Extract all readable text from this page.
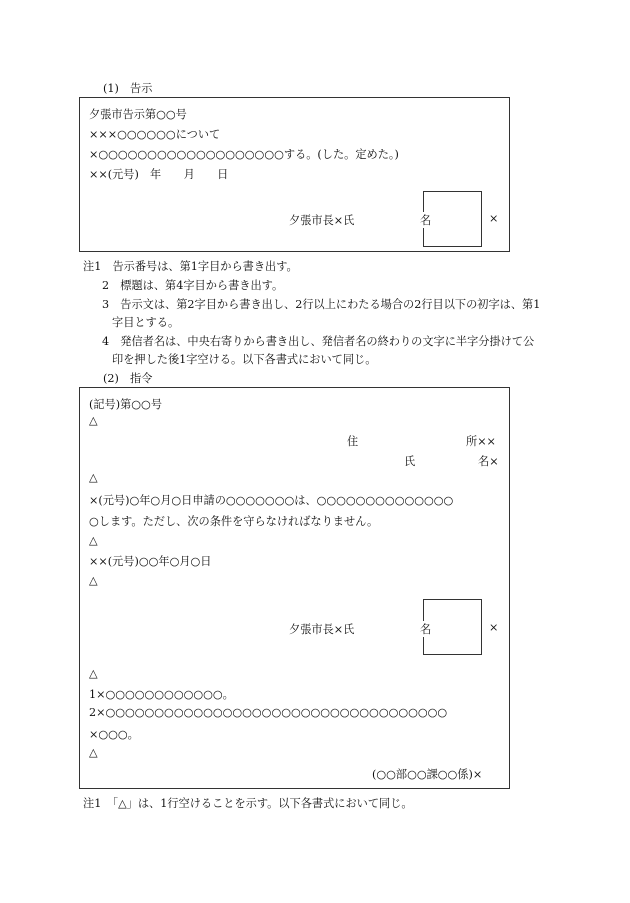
(1)　告示
夕張市告示第○○号
×××○○○○○○について
×○○○○○○○○○○○○○○○○○○○する。(した。定めた。)
××(元号)　年　　月　　日
夕張市長×氏	名	×
注1　告示番号は、第1字目から書き出す。
2　標題は、第4字目から書き出す。
3　告示文は、第2字目から書き出し、2行以上にわたる場合の2行目以下の初字は、第1
字目とする。
4　発信者名は、中央右寄りから書き出し、発信者名の終わりの文字に半字分掛けて公
印を押した後1字空ける。以下各書式において同じ。
(2)　指令
(記号)第○○号
△
住	所××
氏	名×
△
×(元号)○年○月○日申請の○○○○○○○は、○○○○○○○○○○○○○○
○します。ただし、次の条件を守らなければなりません。
△
××(元号)○○年○月○日
△
夕張市長×氏	名	×
△
1×○○○○○○○○○○○○。
2×○○○○○○○○○○○○○○○○○○○○○○○○○○○○○○○○○○○
×○○○。
△
(○○部○○課○○係)×
注1　「△」は、1行空けることを示す。以下各書式において同じ。
